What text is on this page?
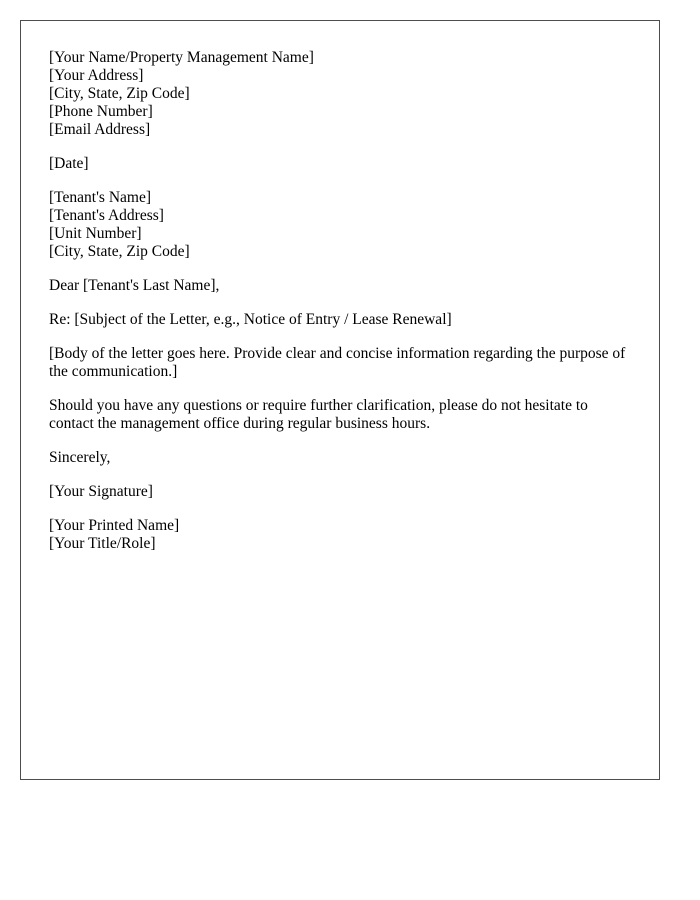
[Your Name/Property Management Name]
[Your Address]
[City, State, Zip Code]
[Phone Number]
[Email Address]
[Date]
[Tenant's Name]
[Tenant's Address]
[Unit Number]
[City, State, Zip Code]
Dear [Tenant's Last Name],
Re: [Subject of the Letter, e.g., Notice of Entry / Lease Renewal]

[Body of the letter goes here. Provide clear and concise information regarding the purpose of the communication.]

Should you have any questions or require further clarification, please do not hesitate to contact the management office during regular business hours.

Sincerely,
[Your Signature]
[Your Printed Name]
[Your Title/Role]
